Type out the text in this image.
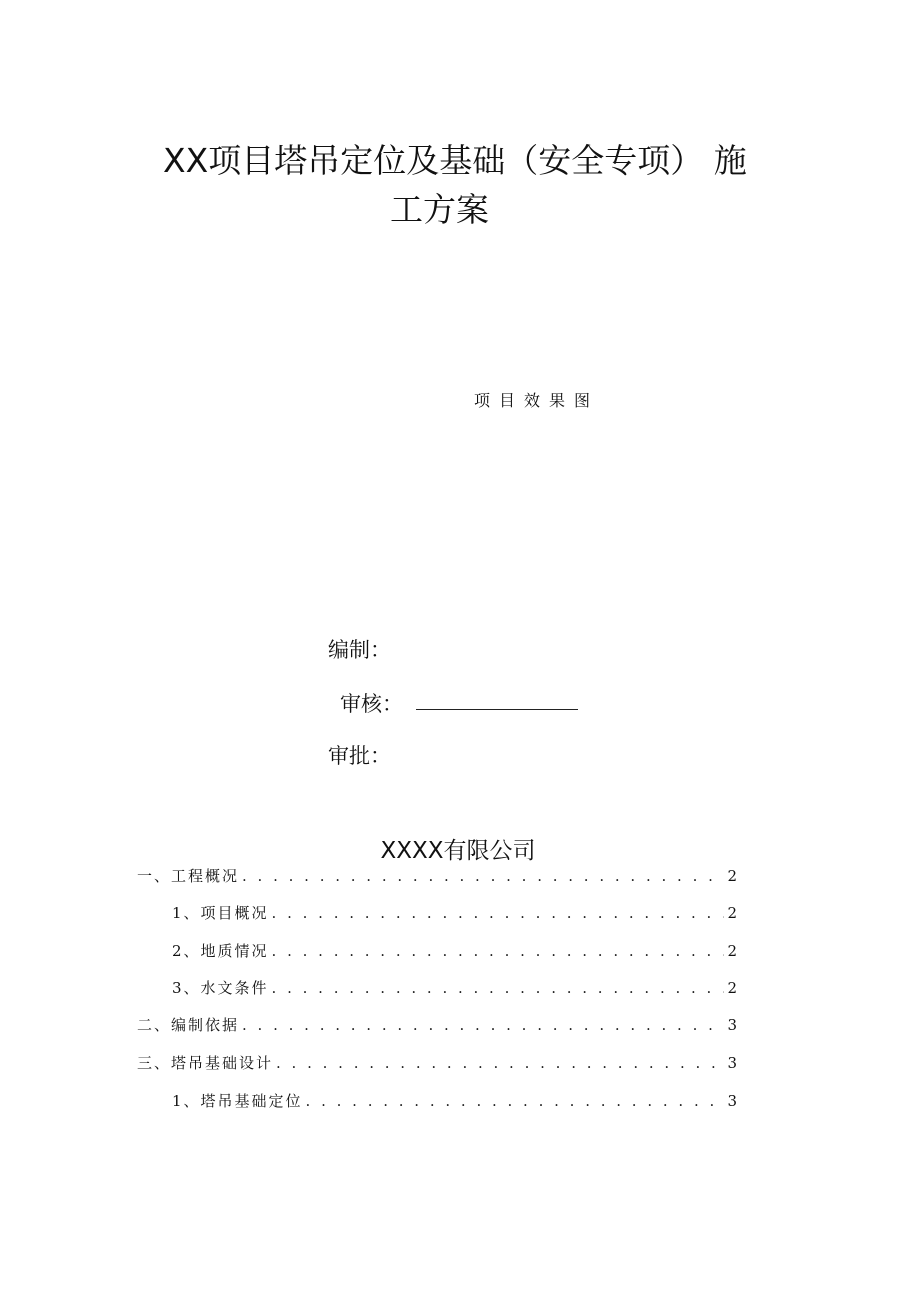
XX项目塔吊定位及基础（安全专项） 施
工方案
项目效果图
编制：
审核：
审批：
XXXX有限公司
一、工程概况 . . .	2
1、项目概况 . . .	2
2、地质情况 . . .	2
3、水文条件 . . .	2
二、编制依据 . . .	3
三、塔吊基础设计 . . .	3
1、塔吊基础定位 . . .	3
